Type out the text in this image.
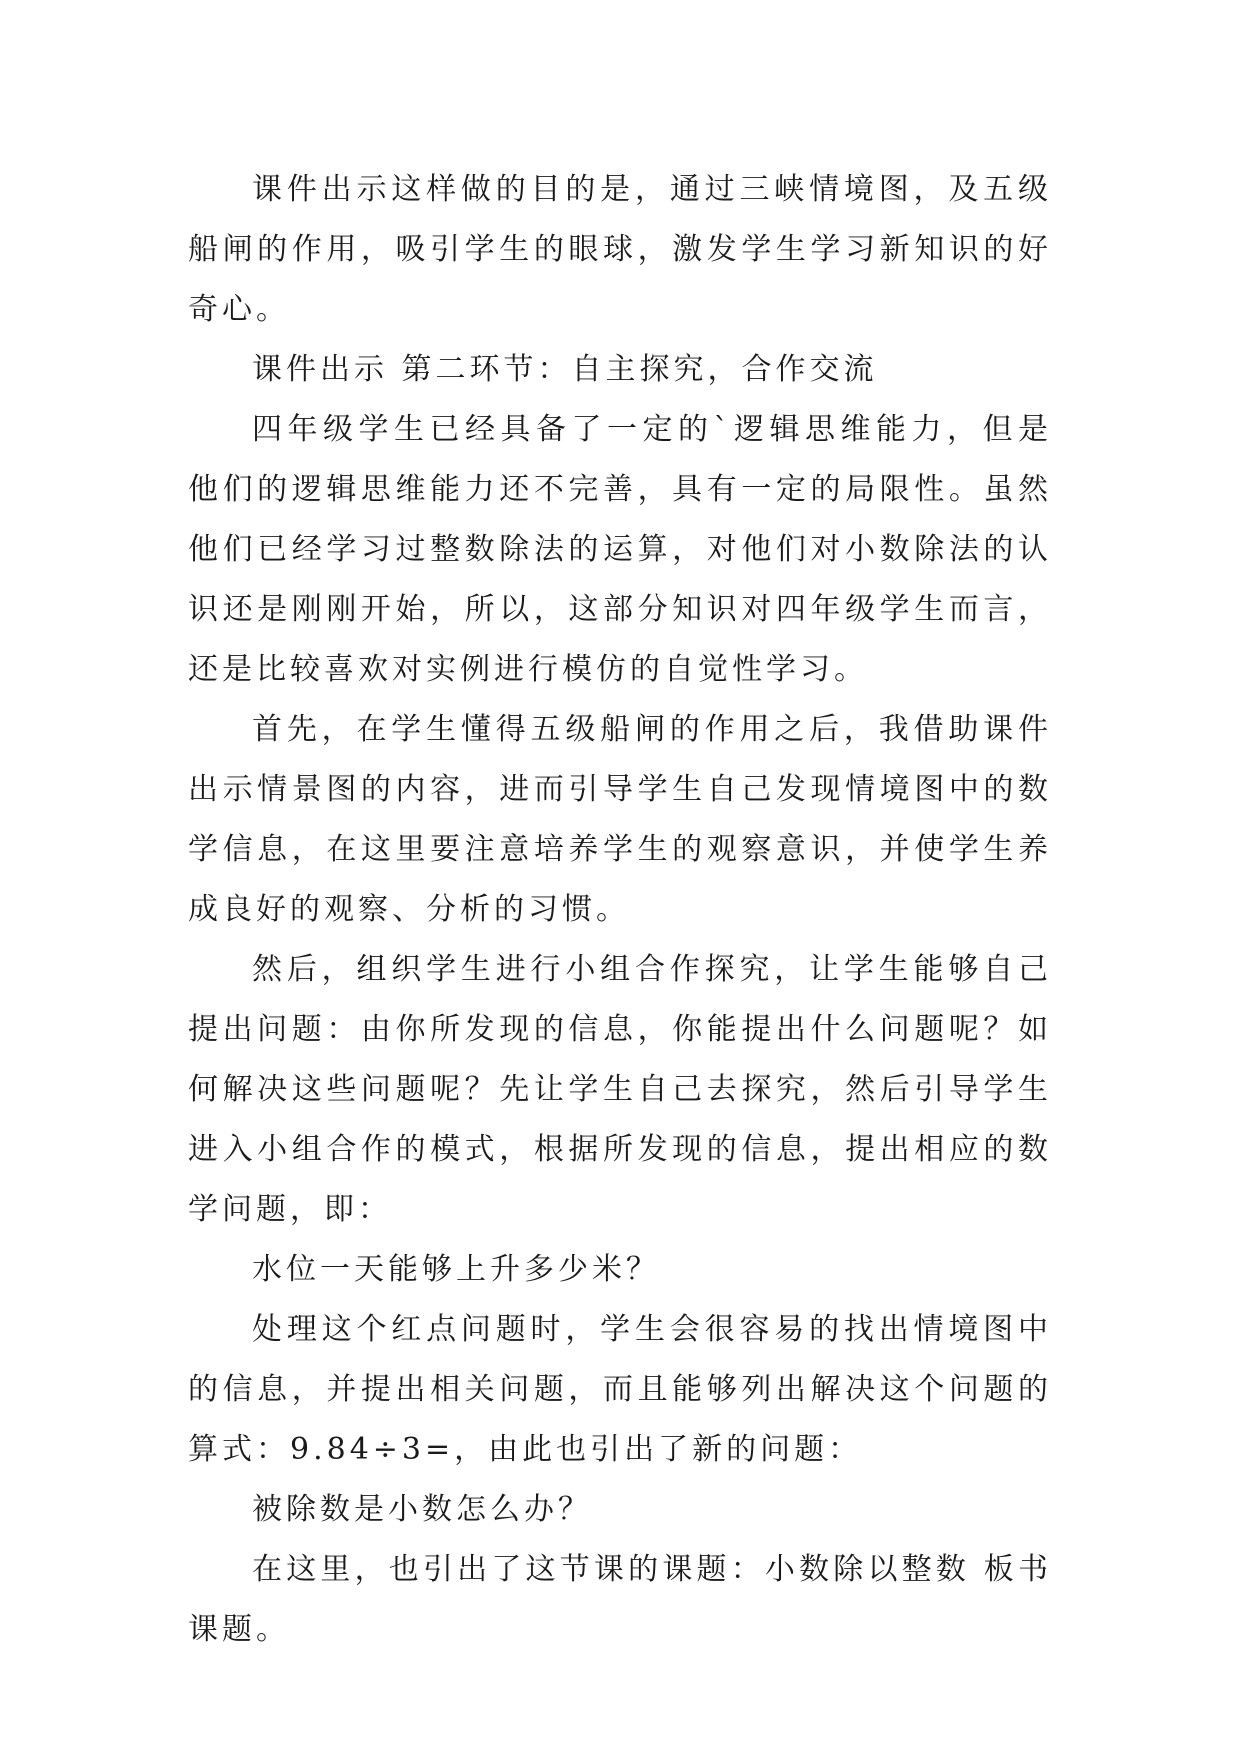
课件出示这样做的目的是，通过三峡情境图，及五级船闸的作用，吸引学生的眼球，激发学生学习新知识的好奇心。

课件出示 第二环节：自主探究，合作交流

四年级学生已经具备了一定的`逻辑思维能力，但是他们的逻辑思维能力还不完善，具有一定的局限性。虽然他们已经学习过整数除法的运算，对他们对小数除法的认识还是刚刚开始，所以，这部分知识对四年级学生而言，还是比较喜欢对实例进行模仿的自觉性学习。

首先，在学生懂得五级船闸的作用之后，我借助课件出示情景图的内容，进而引导学生自己发现情境图中的数学信息，在这里要注意培养学生的观察意识，并使学生养成良好的观察、分析的习惯。

然后，组织学生进行小组合作探究，让学生能够自己提出问题：由你所发现的信息，你能提出什么问题呢？如何解决这些问题呢？先让学生自己去探究，然后引导学生进入小组合作的模式，根据所发现的信息，提出相应的数学问题，即：

水位一天能够上升多少米？

处理这个红点问题时，学生会很容易的找出情境图中的信息，并提出相关问题，而且能够列出解决这个问题的算式：9.84÷3=，由此也引出了新的问题：

被除数是小数怎么办？

在这里，也引出了这节课的课题：小数除以整数 板书课题。
